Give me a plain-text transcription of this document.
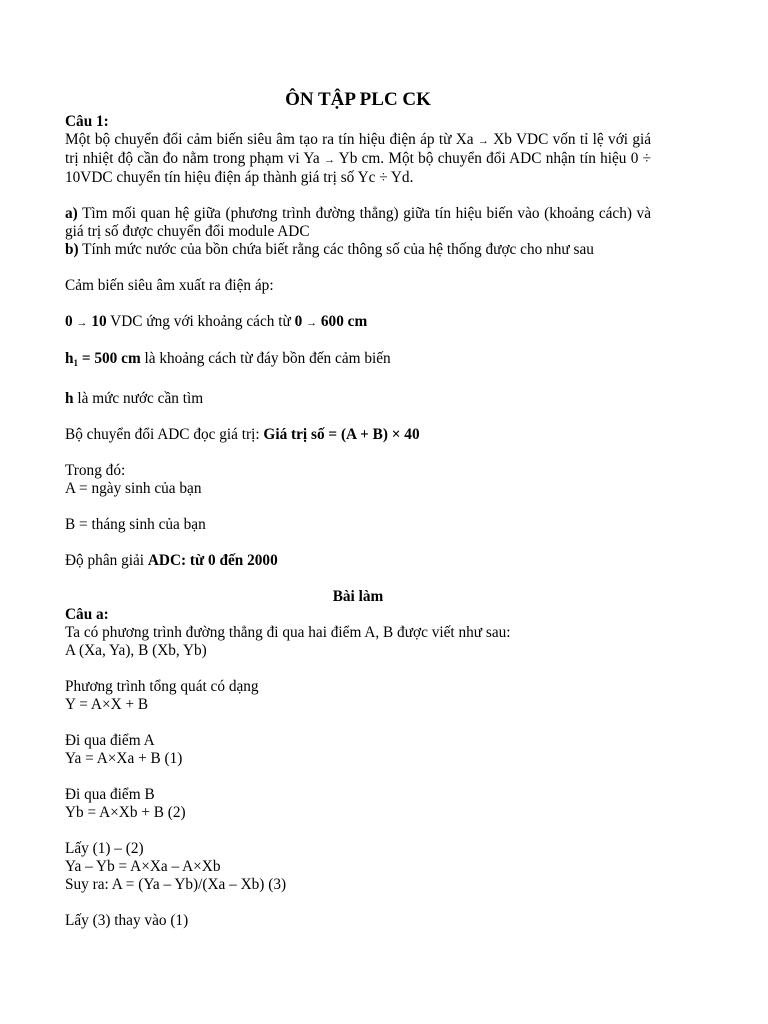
ÔN TẬP PLC CK

Câu 1:

Một bộ chuyển đổi cảm biến siêu âm tạo ra tín hiệu điện áp từ Xa → Xb VDC vốn tỉ lệ với giá trị nhiệt độ cần đo nằm trong phạm vi Ya → Yb cm. Một bộ chuyển đổi ADC nhận tín hiệu 0 ÷ 10VDC chuyển tín hiệu điện áp thành giá trị số Yc ÷ Yd.

a) Tìm mối quan hệ giữa (phương trình đường thẳng) giữa tín hiệu biến vào (khoảng cách) và giá trị số được chuyển đổi module ADC

b) Tính mức nước của bồn chứa biết rằng các thông số của hệ thống được cho như sau

Cảm biến siêu âm xuất ra điện áp:

0 → 10 VDC ứng với khoảng cách từ 0 → 600 cm

$h_1 = 500$ cm là khoảng cách từ đáy bồn đến cảm biến

h là mức nước cần tìm

Bộ chuyển đổi ADC đọc giá trị: Giá trị số = (A + B) × 40

Trong đó:

A = ngày sinh của bạn

B = tháng sinh của bạn

Độ phân giải ADC: từ 0 đến 2000

Bài làm

Câu a:

Ta có phương trình đường thẳng đi qua hai điểm A, B được viết như sau:

A (Xa, Ya), B (Xb, Yb)

Phương trình tổng quát có dạng

Y = A×X + B

Đi qua điểm A

Ya = A×Xa + B (1)

Đi qua điểm B

Yb = A×Xb + B (2)

Lấy (1) – (2)

Ya – Yb = A×Xa – A×Xb

Suy ra: A = (Ya – Yb)/(Xa – Xb) (3)

Lấy (3) thay vào (1)
